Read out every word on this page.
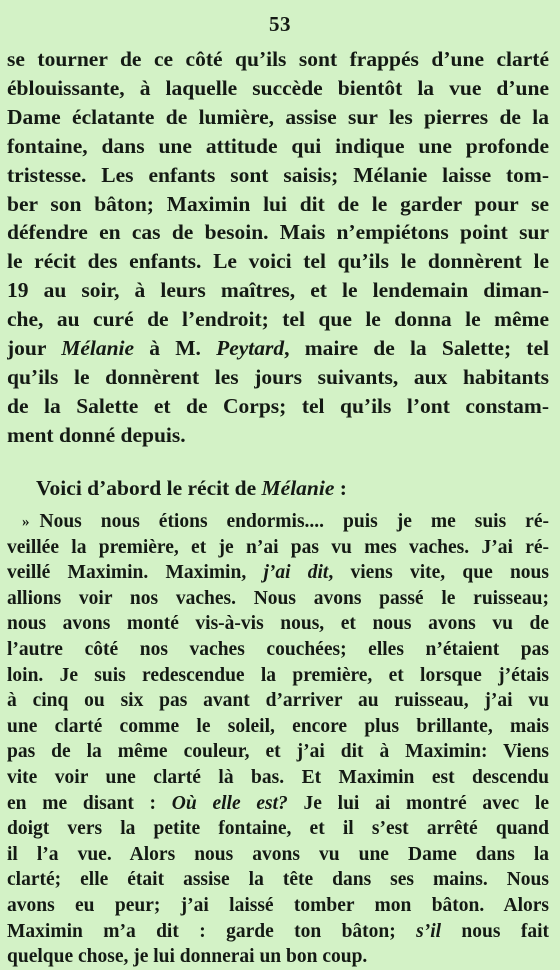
53
se tourner de ce côté qu’ils sont frappés d’une clarté
éblouissante, à laquelle succède bientôt la vue d’une
Dame éclatante de lumière, assise sur les pierres de la
fontaine, dans une attitude qui indique une profonde
tristesse. Les enfants sont saisis; Mélanie laisse tom-
ber son bâton; Maximin lui dit de le garder pour se
défendre en cas de besoin. Mais n’empiétons point sur
le récit des enfants. Le voici tel qu’ils le donnèrent le
19 au soir, à leurs maîtres, et le lendemain diman-
che, au curé de l’endroit; tel que le donna le même
jour Mélanie à M. Peytard, maire de la Salette; tel
qu’ils le donnèrent les jours suivants, aux habitants
de la Salette et de Corps; tel qu’ils l’ont constam-
ment donné depuis.
Voici d’abord le récit de Mélanie :
» Nous nous étions endormis.... puis je me suis ré-
veillée la première, et je n’ai pas vu mes vaches. J’ai ré-
veillé Maximin. Maximin, j’ai dit, viens vite, que nous
allions voir nos vaches. Nous avons passé le ruisseau;
nous avons monté vis-à-vis nous, et nous avons vu de
l’autre côté nos vaches couchées; elles n’étaient pas
loin. Je suis redescendue la première, et lorsque j’étais
à cinq ou six pas avant d’arriver au ruisseau, j’ai vu
une clarté comme le soleil, encore plus brillante, mais
pas de la même couleur, et j’ai dit à Maximin: Viens
vite voir une clarté là bas. Et Maximin est descendu
en me disant : Où elle est? Je lui ai montré avec le
doigt vers la petite fontaine, et il s’est arrêté quand
il l’a vue. Alors nous avons vu une Dame dans la
clarté; elle était assise la tête dans ses mains. Nous
avons eu peur; j’ai laissé tomber mon bâton. Alors
Maximin m’a dit : garde ton bâton; s’il nous fait
quelque chose, je lui donnerai un bon coup.
